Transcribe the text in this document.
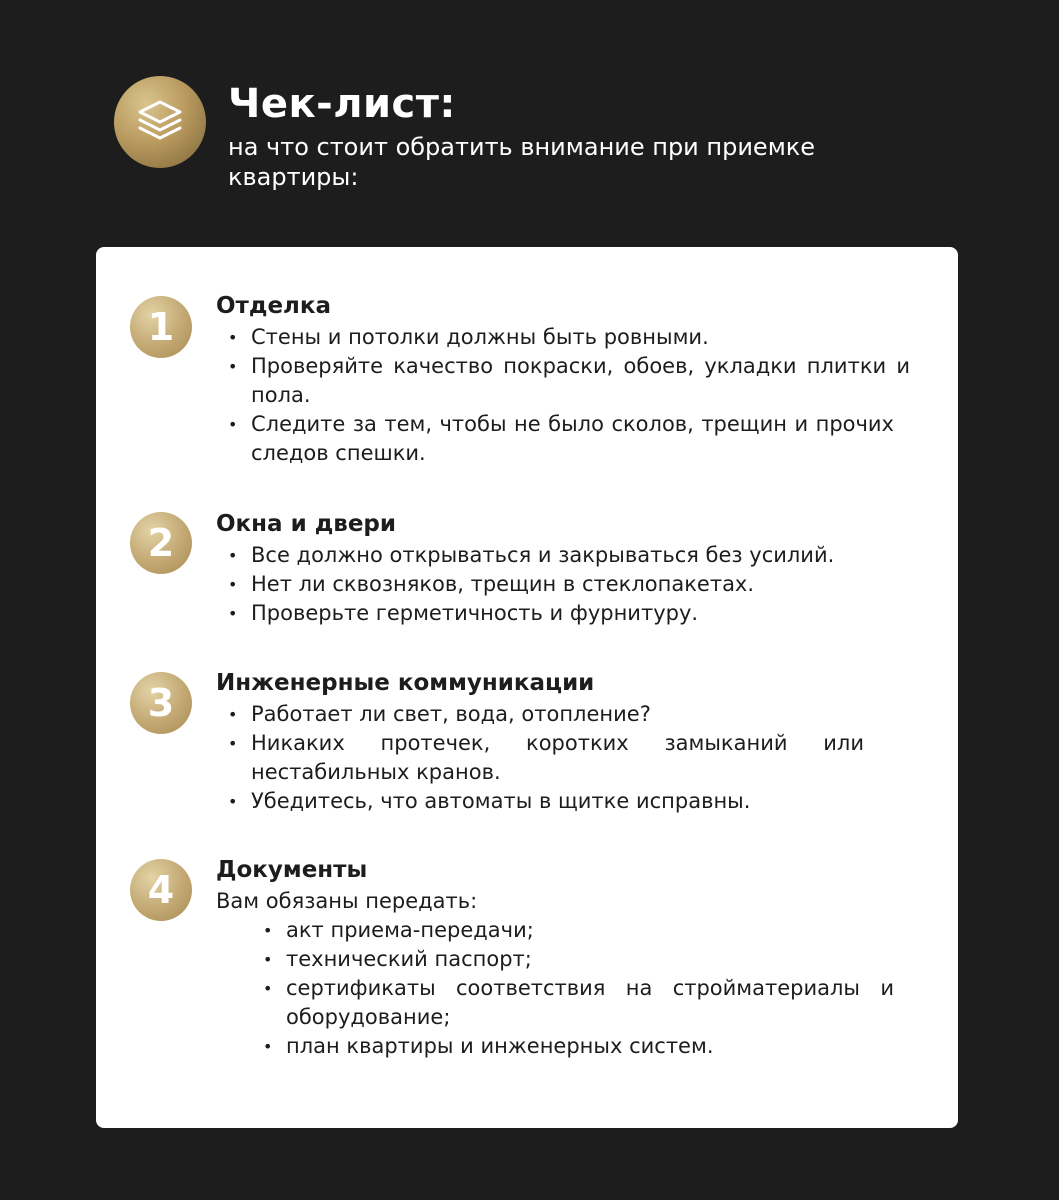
Чек-лист:
на что стоит обратить внимание при приемке квартиры:
1	Отделка
• Стены и потолки должны быть ровными.
• Проверяйте качество покраски, обоев, укладки плитки и пола.
• Следите за тем, чтобы не было сколов, трещин и прочих следов спешки.
2	Окна и двери
• Все должно открываться и закрываться без усилий.
• Нет ли сквозняков, трещин в стеклопакетах.
• Проверьте герметичность и фурнитуру.
3	Инженерные коммуникации
• Работает ли свет, вода, отопление?
• Никаких протечек, коротких замыканий или нестабильных кранов.
• Убедитесь, что автоматы в щитке исправны.
4	Документы
Вам обязаны передать:
• акт приема-передачи;
• технический паспорт;
• сертификаты соответствия на стройматериалы и оборудование;
• план квартиры и инженерных систем.
